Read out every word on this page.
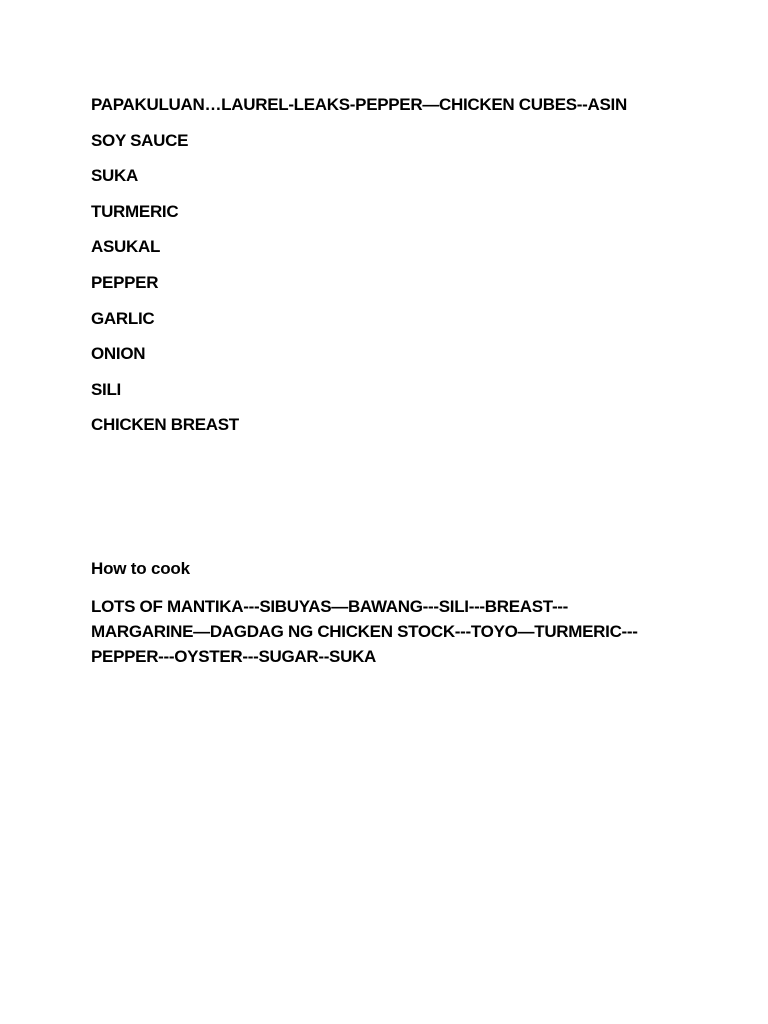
PAPAKULUAN…LAUREL-LEAKS-PEPPER—CHICKEN CUBES--ASIN
SOY SAUCE
SUKA
TURMERIC
ASUKAL
PEPPER
GARLIC
ONION
SILI
CHICKEN BREAST

How to cook

LOTS OF MANTIKA---SIBUYAS—BAWANG---SILI---BREAST---MARGARINE—DAGDAG NG CHICKEN STOCK---TOYO—TURMERIC---PEPPER---OYSTER---SUGAR--SUKA
